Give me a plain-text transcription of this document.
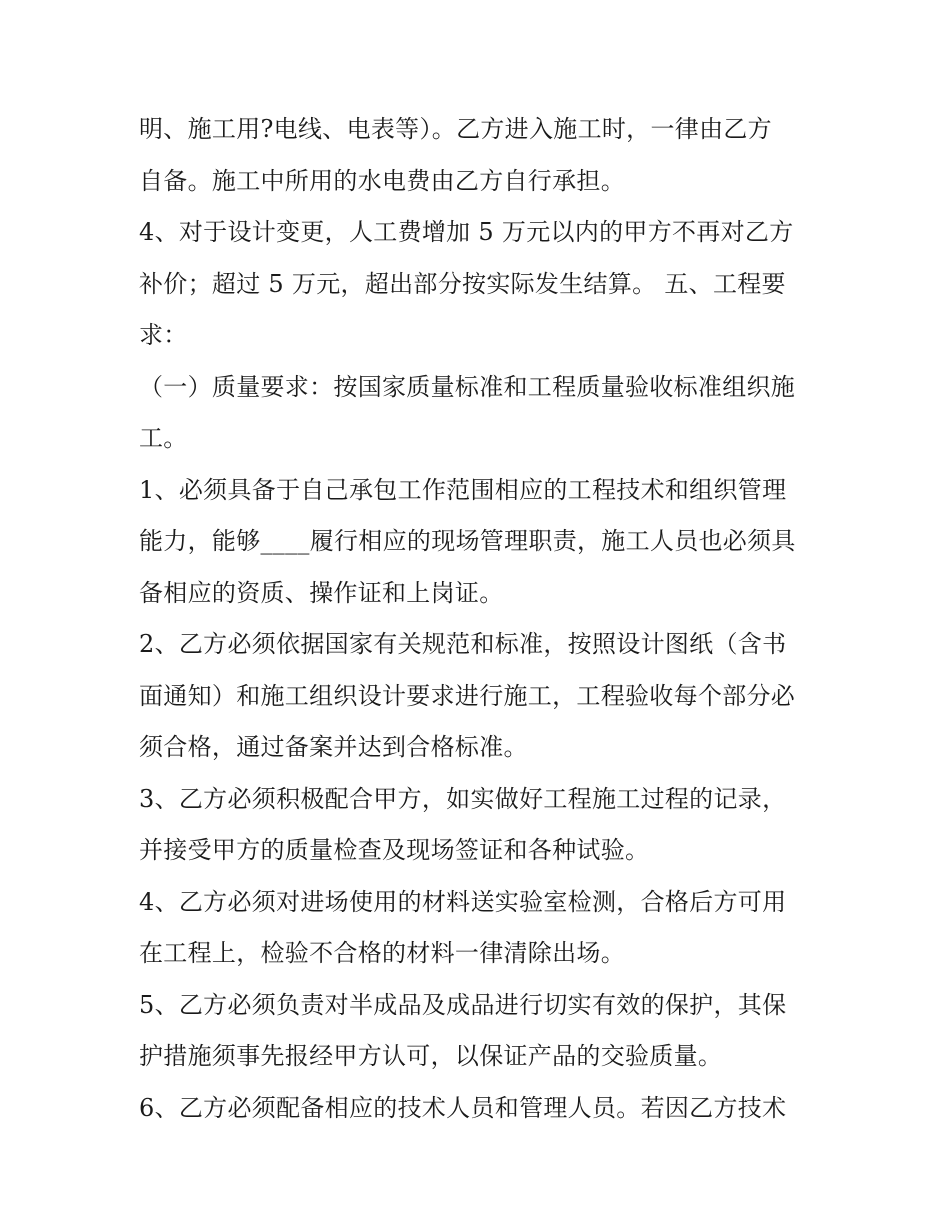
明、施工用?电线、电表等）。乙方进入施工时，一律由乙方
自备。施工中所用的水电费由乙方自行承担。
4、对于设计变更，人工费增加 5 万元以内的甲方不再对乙方
补价；超过 5 万元，超出部分按实际发生结算。 五、工程要
求：
（一）质量要求：按国家质量标准和工程质量验收标准组织施
工。
1、必须具备于自己承包工作范围相应的工程技术和组织管理
能力，能够____履行相应的现场管理职责，施工人员也必须具
备相应的资质、操作证和上岗证。
2、乙方必须依据国家有关规范和标准，按照设计图纸（含书
面通知）和施工组织设计要求进行施工，工程验收每个部分必
须合格，通过备案并达到合格标准。
3、乙方必须积极配合甲方，如实做好工程施工过程的记录，
并接受甲方的质量检查及现场签证和各种试验。
4、乙方必须对进场使用的材料送实验室检测，合格后方可用
在工程上，检验不合格的材料一律清除出场。
5、乙方必须负责对半成品及成品进行切实有效的保护，其保
护措施须事先报经甲方认可，以保证产品的交验质量。
6、乙方必须配备相应的技术人员和管理人员。若因乙方技术
